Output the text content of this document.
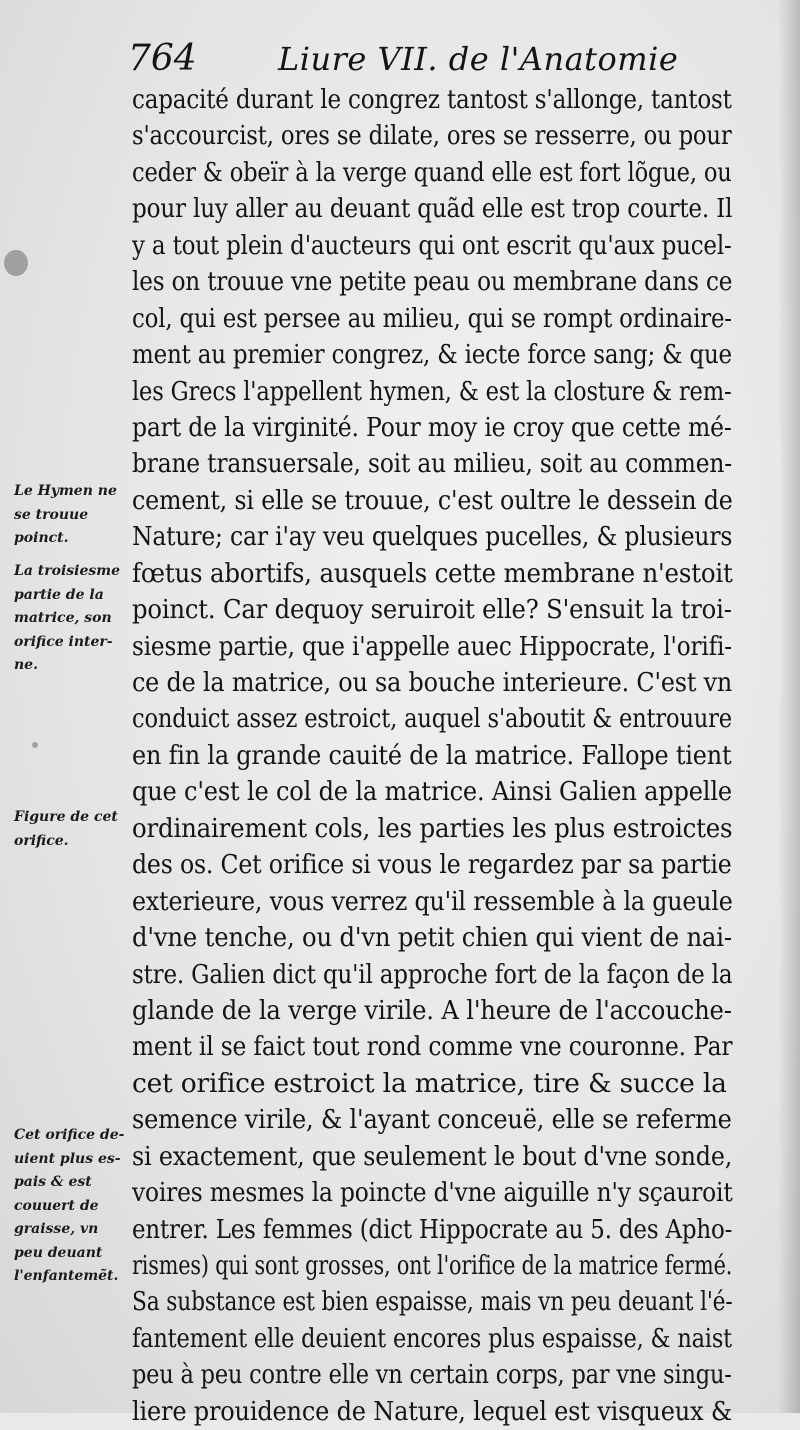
764	Liure VII. de l'Anatomie
Le Hymen ne
se trouue
poinct.
La troisiesme
partie de la
matrice, son
orifice inter-
ne.
Figure de cet
orifice.
Cet orifice de-
uient plus es-
pais & est
couuert de
graisse, vn
peu deuant
l'enfantemẽt.
capacité durant le congrez tantost s'allonge, tantost
s'accourcist, ores se dilate, ores se resserre, ou pour
ceder & obeïr à la verge quand elle est fort lõgue, ou
pour luy aller au deuant quãd elle est trop courte. Il
y a tout plein d'aucteurs qui ont escrit qu'aux pucel-
les on trouue vne petite peau ou membrane dans ce
col, qui est persee au milieu, qui se rompt ordinaire-
ment au premier congrez, & iecte force sang; & que
les Grecs l'appellent hymen, & est la closture & rem-
part de la virginité. Pour moy ie croy que cette mé-
brane transuersale, soit au milieu, soit au commen-
cement, si elle se trouue, c'est oultre le dessein de
Nature; car i'ay veu quelques pucelles, & plusieurs
fœtus abortifs, ausquels cette membrane n'estoit
poinct. Car dequoy seruiroit elle? S'ensuit la troi-
siesme partie, que i'appelle auec Hippocrate, l'orifi-
ce de la matrice, ou sa bouche interieure. C'est vn
conduict assez estroict, auquel s'aboutit & entrouure
en fin la grande cauité de la matrice. Fallope tient
que c'est le col de la matrice. Ainsi Galien appelle
ordinairement cols, les parties les plus estroictes
des os. Cet orifice si vous le regardez par sa partie
exterieure, vous verrez qu'il ressemble à la gueule
d'vne tenche, ou d'vn petit chien qui vient de nai-
stre. Galien dict qu'il approche fort de la façon de la
glande de la verge virile. A l'heure de l'accouche-
ment il se faict tout rond comme vne couronne. Par
cet orifice estroict la matrice, tire & succe la
semence virile, & l'ayant conceuë, elle se referme
si exactement, que seulement le bout d'vne sonde,
voires mesmes la poincte d'vne aiguille n'y sçauroit
entrer. Les femmes (dict Hippocrate au 5. des Apho-
rismes) qui sont grosses, ont l'orifice de la matrice fermé.
Sa substance est bien espaisse, mais vn peu deuant l'é-
fantement elle deuient encores plus espaisse, & naist
peu à peu contre elle vn certain corps, par vne singu-
liere prouidence de Nature, lequel est visqueux &
